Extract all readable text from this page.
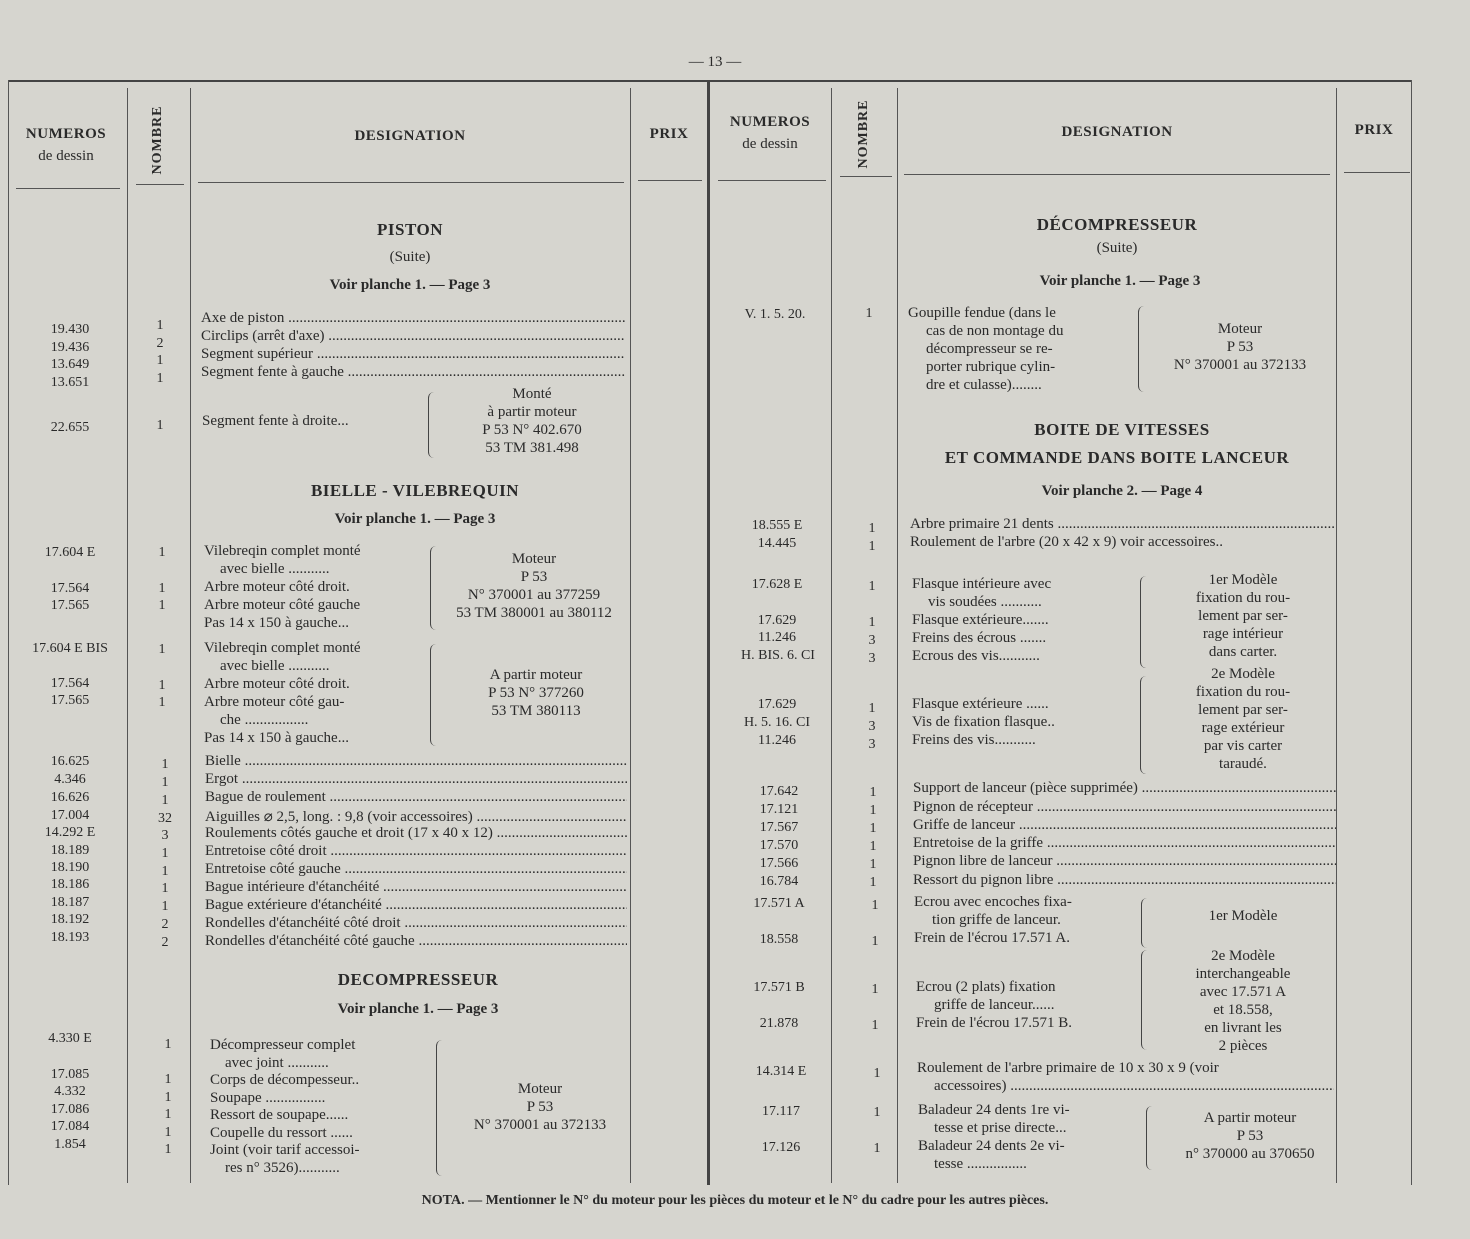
— 13 —
NUMEROS
de dessin	NOMBRE	DESIGNATION	PRIX
NUMEROS
de dessin	NOMBRE	DESIGNATION	PRIX
PISTON
(Suite)
Voir planche 1. — Page 3
19.430	1	Axe de piston .....
19.436	2	Circlips (arrêt d'axe) .....
13.649	1	Segment supérieur .....
13.651	1	Segment fente à gauche .....
22.655	1	Segment fente à droite...
Monté
à partir moteur
P 53 N° 402.670
53 TM 381.498
BIELLE - VILEBREQUIN
Voir planche 1. — Page 3
17.604 E	1	Vilebreqin complet monté
avec bielle ...........
17.564	1	Arbre moteur côté droit.
17.565	1	Arbre moteur côté gauche
Pas 14 x 150 à gauche...
Moteur
P 53
N° 370001 au 377259
53 TM 380001 au 380112
17.604 E BIS	1	Vilebreqin complet monté
avec bielle ...........
17.564	1	Arbre moteur côté droit.
17.565	1	Arbre moteur côté gau-
che .................
Pas 14 x 150 à gauche...
A partir moteur
P 53 N° 377260
53 TM 380113
16.625	1	Bielle .....
4.346	1	Ergot .....
16.626	1	Bague de roulement .....
17.004	32	Aiguilles ⌀ 2,5, long. : 9,8 (voir accessoires) .....
14.292 E	3	Roulements côtés gauche et droit (17 x 40 x 12) .....
18.189	1	Entretoise côté droit .....
18.190	1	Entretoise côté gauche .....
18.186	1	Bague intérieure d'étanchéité .....
18.187	1	Bague extérieure d'étanchéité .....
18.192	2	Rondelles d'étanchéité côté droit .....
18.193	2	Rondelles d'étanchéité côté gauche .....
DECOMPRESSEUR
Voir planche 1. — Page 3
4.330 E	1	Décompresseur complet
avec joint ...........
17.085	1	Corps de décompesseur..
4.332	1	Soupape ................
17.086	1	Ressort de soupape......
17.084	1	Coupelle du ressort ......
1.854	1	Joint (voir tarif accessoi-
res n° 3526)...........
Moteur
P 53
N° 370001 au 372133
DÉCOMPRESSEUR
(Suite)
Voir planche 1. — Page 3
V. 1. 5. 20.	1	Goupille fendue (dans le
cas de non montage du
décompresseur se re-
porter rubrique cylin-
dre et culasse)........
Moteur
P 53
N° 370001 au 372133
BOITE DE VITESSES
ET COMMANDE DANS BOITE LANCEUR
Voir planche 2. — Page 4
18.555 E	1	Arbre primaire 21 dents .....
14.445	1	Roulement de l'arbre (20 x 42 x 9) voir accessoires..
17.628 E	1	Flasque intérieure avec
vis soudées ...........
17.629	1	Flasque extérieure.......
11.246	3	Freins des écrous .......
H. BIS. 6. CI	3	Ecrous des vis...........
1er Modèle
fixation du rou-
lement par ser-
rage intérieur
dans carter.
17.629	1	Flasque extérieure ......
H. 5. 16. CI	3	Vis de fixation flasque..
11.246	3	Freins des vis...........
2e Modèle
fixation du rou-
lement par ser-
rage extérieur
par vis carter
taraudé.
17.642	1	Support de lanceur (pièce supprimée) .....
17.121	1	Pignon de récepteur .....
17.567	1	Griffe de lanceur .....
17.570	1	Entretoise de la griffe .....
17.566	1	Pignon libre de lanceur .....
16.784	1	Ressort du pignon libre .....
17.571 A	1	Ecrou avec encoches fixa-
tion griffe de lanceur.
18.558	1	Frein de l'écrou 17.571 A.
1er Modèle
17.571 B	1	Ecrou (2 plats) fixation
griffe de lanceur......
21.878	1	Frein de l'écrou 17.571 B.
2e Modèle
interchangeable
avec 17.571 A
et 18.558,
en livrant les
2 pièces
14.314 E	1	Roulement de l'arbre primaire de 10 x 30 x 9 (voir
accessoires) .....
17.117	1	Baladeur 24 dents 1re vi-
tesse et prise directe...
17.126	1	Baladeur 24 dents 2e vi-
tesse ................
A partir moteur
P 53
n° 370000 au 370650
NOTA. — Mentionner le N° du moteur pour les pièces du moteur et le N° du cadre pour les autres pièces.
